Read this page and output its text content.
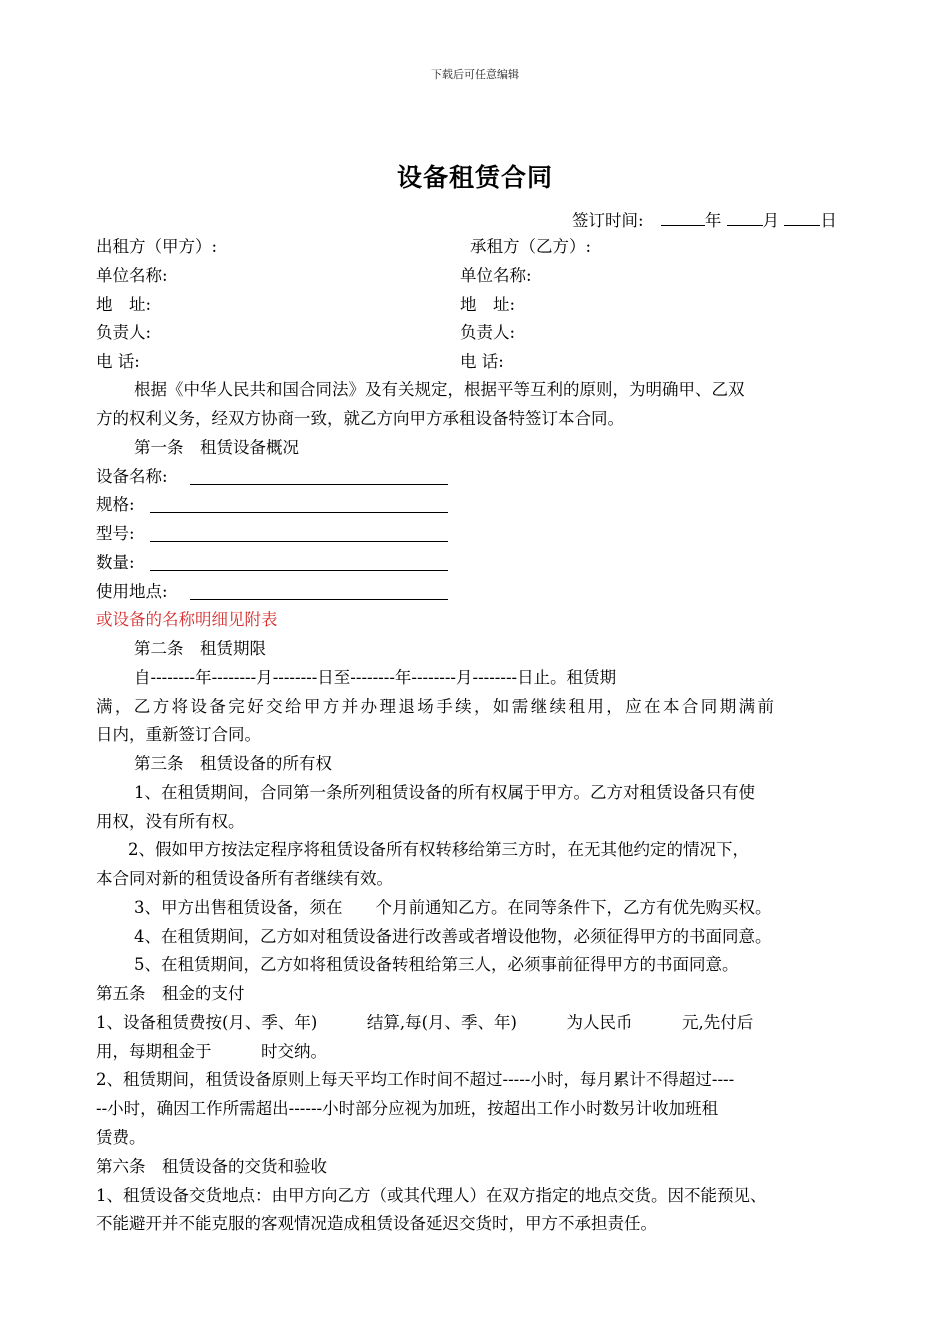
下载后可任意编辑
设备租赁合同
签订时间:	年	月	日
出租方（甲方）:	承租方（乙方）:
单位名称:	单位名称:
地　址:	地　址:
负责人:	负责人:
电 话:	电 话:
根据《中华人民共和国合同法》及有关规定，根据平等互利的原则，为明确甲、乙双
方的权利义务，经双方协商一致，就乙方向甲方承租设备特签订本合同。
第一条　租赁设备概况
设备名称:
规格:
型号:
数量:
使用地点:
或设备的名称明细见附表
第二条　租赁期限
自--------年--------月--------日至--------年--------月--------日止。租赁期
满，乙方将设备完好交给甲方并办理退场手续，如需继续租用，应在本合同期满前
日内，重新签订合同。
第三条　租赁设备的所有权
1、在租赁期间，合同第一条所列租赁设备的所有权属于甲方。乙方对租赁设备只有使
用权，没有所有权。
2、假如甲方按法定程序将租赁设备所有权转移给第三方时，在无其他约定的情况下，
本合同对新的租赁设备所有者继续有效。
3、甲方出售租赁设备，须在　　个月前通知乙方。在同等条件下，乙方有优先购买权。
4、在租赁期间，乙方如对租赁设备进行改善或者增设他物，必须征得甲方的书面同意。
5、在租赁期间，乙方如将租赁设备转租给第三人，必须事前征得甲方的书面同意。
第五条　租金的支付
1、设备租赁费按(月、季、年)　　　结算,每(月、季、年)　　　为人民币　　　元,先付后
用，每期租金于　　　时交纳。
2、租赁期间，租赁设备原则上每天平均工作时间不超过-----小时，每月累计不得超过----
--小时，确因工作所需超出------小时部分应视为加班，按超出工作小时数另计收加班租
赁费。
第六条　租赁设备的交货和验收
1、租赁设备交货地点：由甲方向乙方（或其代理人）在双方指定的地点交货。因不能预见、
不能避开并不能克服的客观情况造成租赁设备延迟交货时，甲方不承担责任。
